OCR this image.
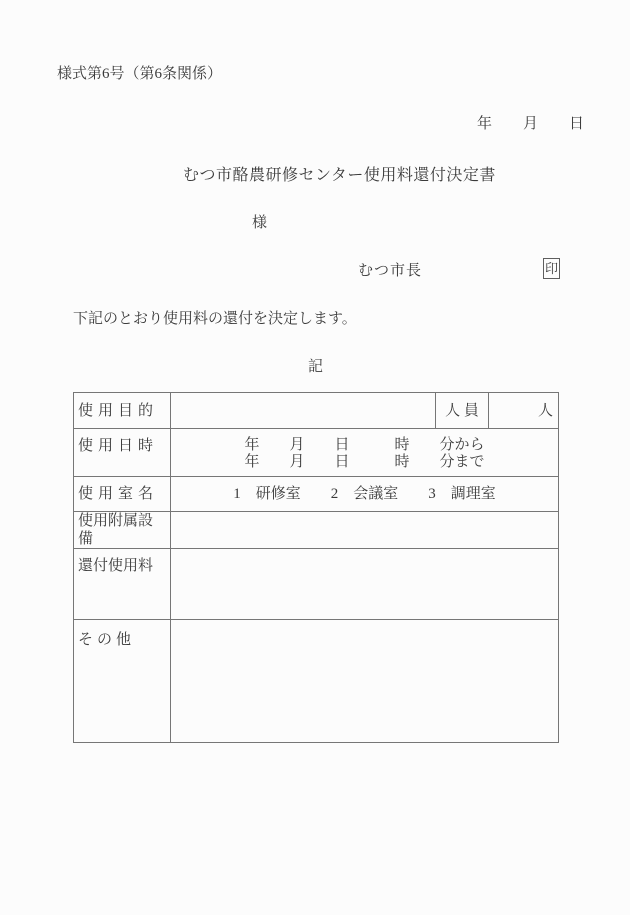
様式第6号（第6条関係）
年 月 日
むつ市酪農研修センター使用料還付決定書
様
むつ市長	印
下記のとおり使用料の還付を決定します。
記
使用目的		人 員	人
使用日時	年　　月　　日　　　時　　分から
年　　月　　日　　　時　　分まで		

使用室名	1　研修室　　2　会議室　　3　調理室		
使用附属設備			
還付使用料			
その他			
